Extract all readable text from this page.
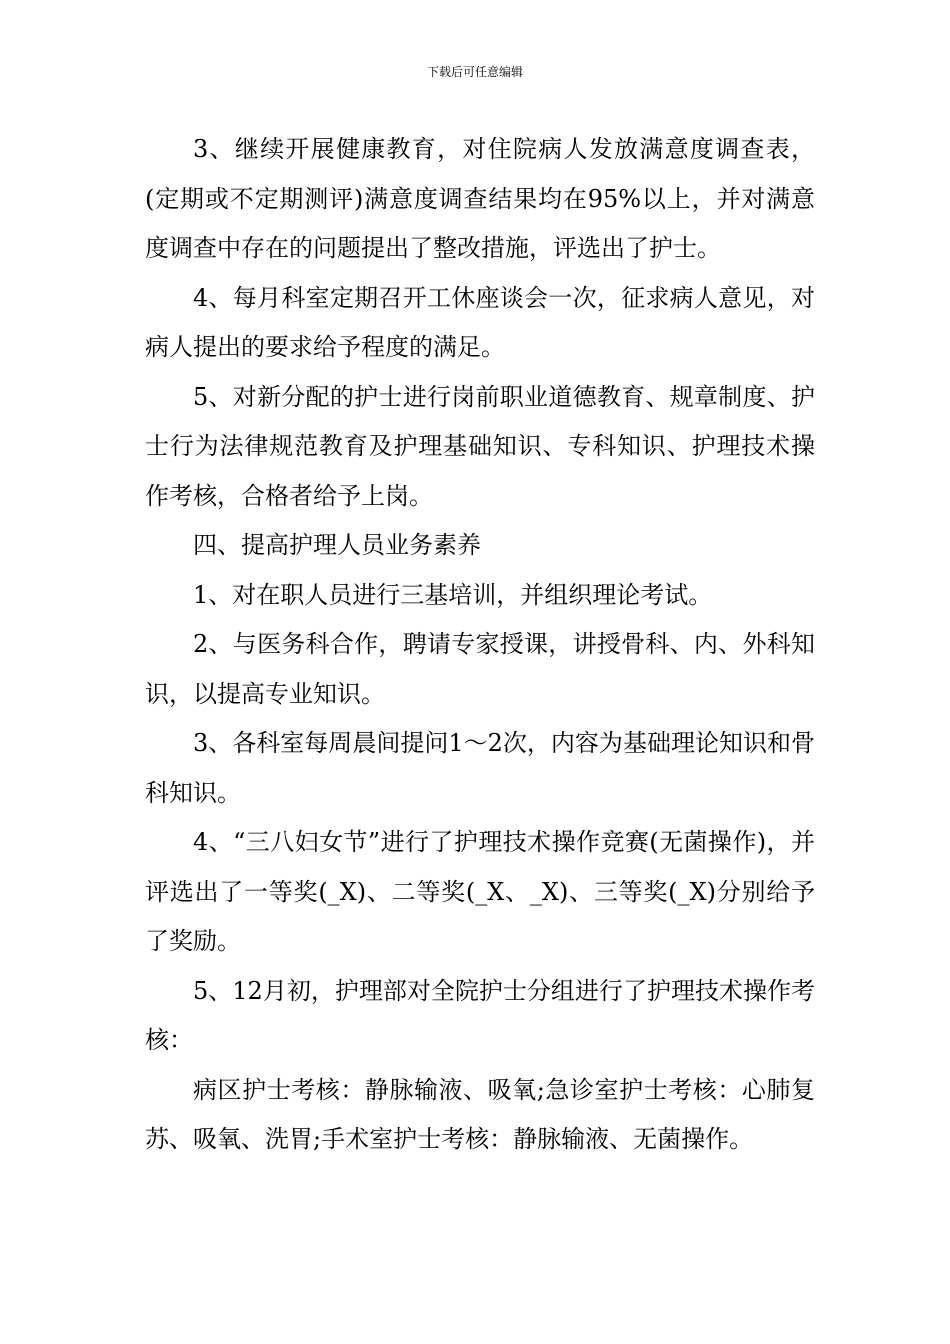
下载后可任意编辑

3、继续开展健康教育，对住院病人发放满意度调查表，(定期或不定期测评)满意度调查结果均在95%以上，并对满意度调查中存在的问题提出了整改措施，评选出了护士。

4、每月科室定期召开工休座谈会一次，征求病人意见，对病人提出的要求给予程度的满足。

5、对新分配的护士进行岗前职业道德教育、规章制度、护士行为法律规范教育及护理基础知识、专科知识、护理技术操作考核，合格者给予上岗。

四、提高护理人员业务素养

1、对在职人员进行三基培训，并组织理论考试。

2、与医务科合作，聘请专家授课，讲授骨科、内、外科知识，以提高专业知识。

3、各科室每周晨间提问1～2次，内容为基础理论知识和骨科知识。

4、“三八妇女节”进行了护理技术操作竞赛(无菌操作)，并评选出了一等奖(_X)、二等奖(_X、_X)、三等奖(_X)分别给予了奖励。

5、12月初，护理部对全院护士分组进行了护理技术操作考核：

病区护士考核：静脉输液、吸氧;急诊室护士考核：心肺复苏、吸氧、洗胃;手术室护士考核：静脉输液、无菌操作。
